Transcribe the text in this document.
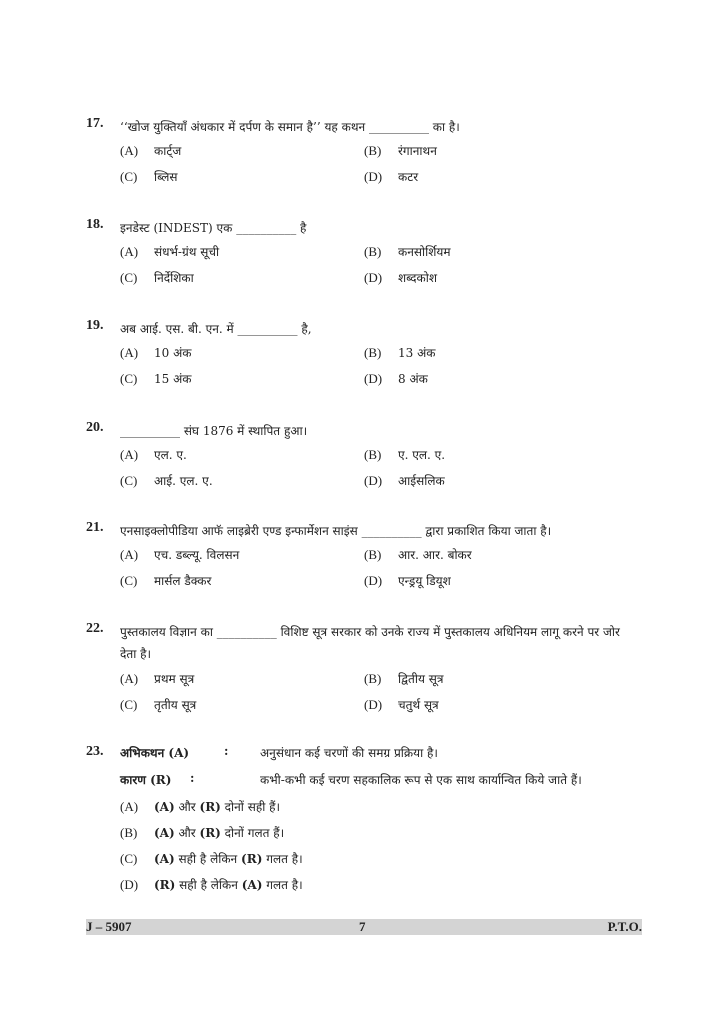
17. ‘‘खोज युक्तियाँ अंधकार में दर्पण के समान है’’ यह कथन __________ का है।
(A) कार्ट्ज	(B) रंगानाथन
(C) ब्लिस	(D) कटर
18. इनडेस्ट (INDEST) एक __________ है
(A) संधर्भ-ग्रंथ सूची	(B) कनसोर्शियम
(C) निर्देशिका	(D) शब्दकोश
19. अब आई. एस. बी. एन. में __________ है,
(A) 10 अंक	(B) 13 अंक
(C) 15 अंक	(D) 8 अंक
20. __________ संघ 1876 में स्थापित हुआ।
(A) एल. ए.	(B) ए. एल. ए.
(C) आई. एल. ए.	(D) आईसलिक
21. एनसाइक्लोपीडिया आफॅ लाइब्रेरी एण्ड इन्फार्मेशन साइंस __________ द्वारा प्रकाशित किया जाता है।
(A) एच. डब्ल्यू. विलसन	(B) आर. आर. बोकर
(C) मार्सल डैक्कर	(D) एन्ड्रयू डियूश
22. पुस्तकालय विज्ञान का __________ विशिष्ट सूत्र सरकार को उनके राज्य में पुस्तकालय अधिनियम लागू करने पर जोर देता है।
(A) प्रथम सूत्र	(B) द्वितीय सूत्र
(C) तृतीय सूत्र	(D) चतुर्थ सूत्र
23. अभिकथन (A)	:	अनुसंधान कई चरणों की समग्र प्रक्रिया है।
कारण (R) :	कभी-कभी कई चरण सहकालिक रूप से एक साथ कार्यान्वित किये जाते हैं।
(A) (A) और (R) दोनों सही हैं।
(B) (A) और (R) दोनों गलत हैं।
(C) (A) सही है लेकिन (R) गलत है।
(D) (R) सही है लेकिन (A) गलत है।
J – 5907	7	P.T.O.
